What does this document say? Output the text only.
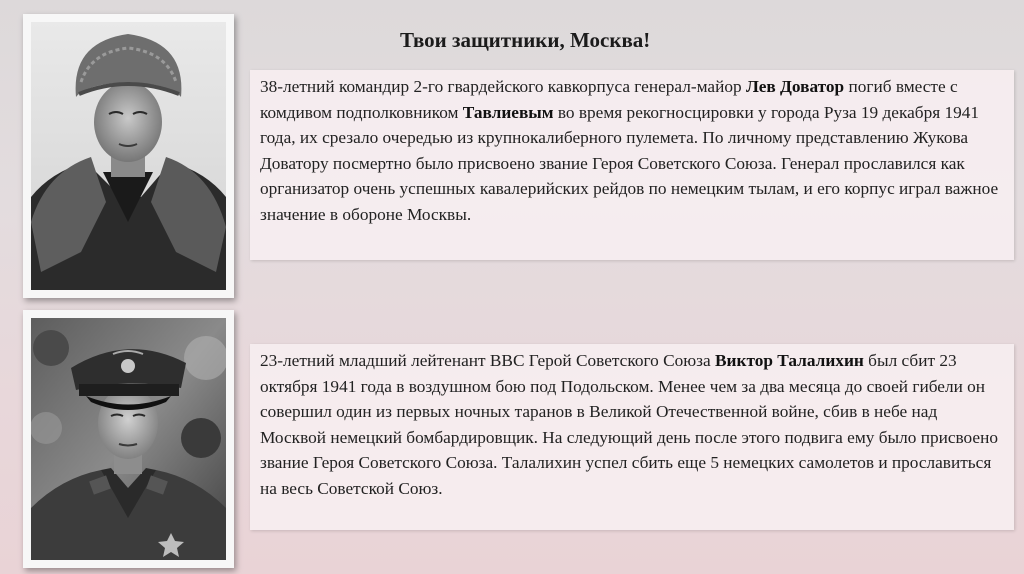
Твои защитники, Москва!
38-летний командир 2-го гвардейского кавкорпуса генерал-майор Лев Доватор погиб вместе с комдивом подполковником Тавлиевым во время рекогносцировки у города Руза 19 декабря 1941 года, их срезало очередью из крупнокалиберного пулемета. По личному представлению Жукова Доватору посмертно было присвоено звание Героя Советского Союза. Генерал прославился как организатор очень успешных кавалерийских рейдов по немецким тылам, и его корпус играл важное значение в обороне Москвы.
23-летний младший лейтенант ВВС Герой Советского Союза Виктор Талалихин был сбит 23 октября 1941 года в воздушном бою под Подольском. Менее чем за два месяца до своей гибели он совершил один из первых ночных таранов в Великой Отечественной войне, сбив в небе над Москвой немецкий бомбардировщик. На следующий день после этого подвига ему было присвоено звание Героя Советского Союза. Талалихин успел сбить еще 5 немецких самолетов и прославиться на весь Советской Союз.
